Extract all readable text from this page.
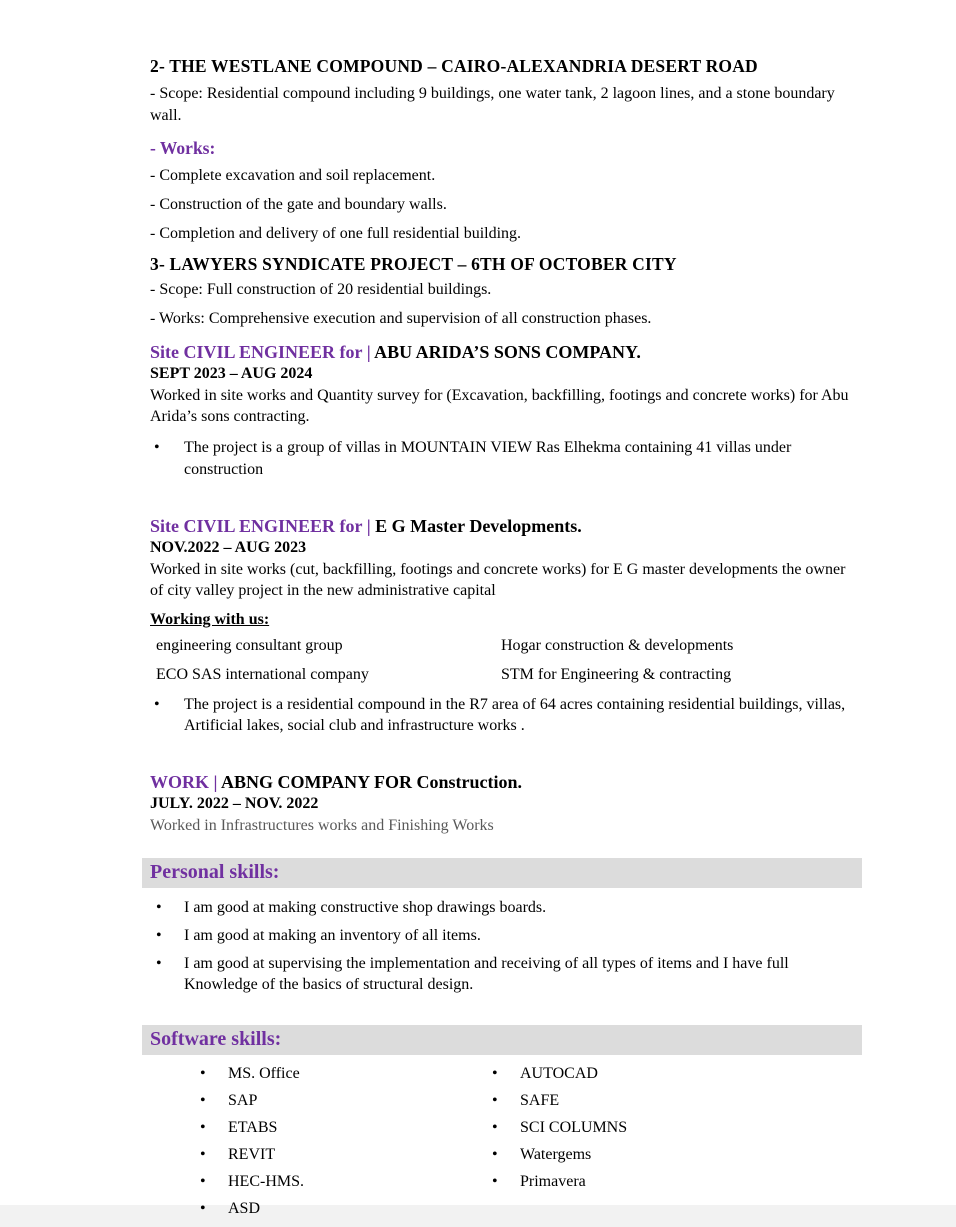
2- THE WESTLANE COMPOUND – CAIRO-ALEXANDRIA DESERT ROAD

- Scope: Residential compound including 9 buildings, one water tank, 2 lagoon lines, and a stone boundary wall.

- Works:

- Complete excavation and soil replacement.

- Construction of the gate and boundary walls.

- Completion and delivery of one full residential building.

3- LAWYERS SYNDICATE PROJECT – 6TH OF OCTOBER CITY

- Scope: Full construction of 20 residential buildings.

- Works: Comprehensive execution and supervision of all construction phases.

Site CIVIL ENGINEER for | ABU ARIDA’S SONS COMPANY.

SEPT 2023 – AUG 2024

Worked in site works and Quantity survey for (Excavation, backfilling, footings and concrete works) for Abu Arida’s sons contracting.

•	The project is a group of villas in MOUNTAIN VIEW Ras Elhekma containing 41 villas under construction
Site CIVIL ENGINEER for | E G Master Developments.

NOV.2022 – AUG 2023

Worked in site works (cut, backfilling, footings and concrete works) for E G master developments the owner of city valley project in the new administrative capital

Working with us:

engineering consultant group	Hogar construction & developments
ECO SAS international company	STM for Engineering & contracting
•	The project is a residential compound in the R7 area of 64 acres containing residential buildings, villas, Artificial lakes, social club and infrastructure works .
WORK | ABNG COMPANY FOR Construction.

JULY. 2022 – NOV. 2022

Worked in Infrastructures works and Finishing Works

Personal skills:
•	I am good at making constructive shop drawings boards.
•	I am good at making an inventory of all items.
•	I am good at supervising the implementation and receiving of all types of items and I have full Knowledge of the basics of structural design.
Software skills:
•	MS. Office
•	SAP
•	ETABS
•	REVIT
•	HEC-HMS.
•	ASD
•	AUTOCAD
•	SAFE
•	SCI COLUMNS
•	Watergems
•	Primavera
